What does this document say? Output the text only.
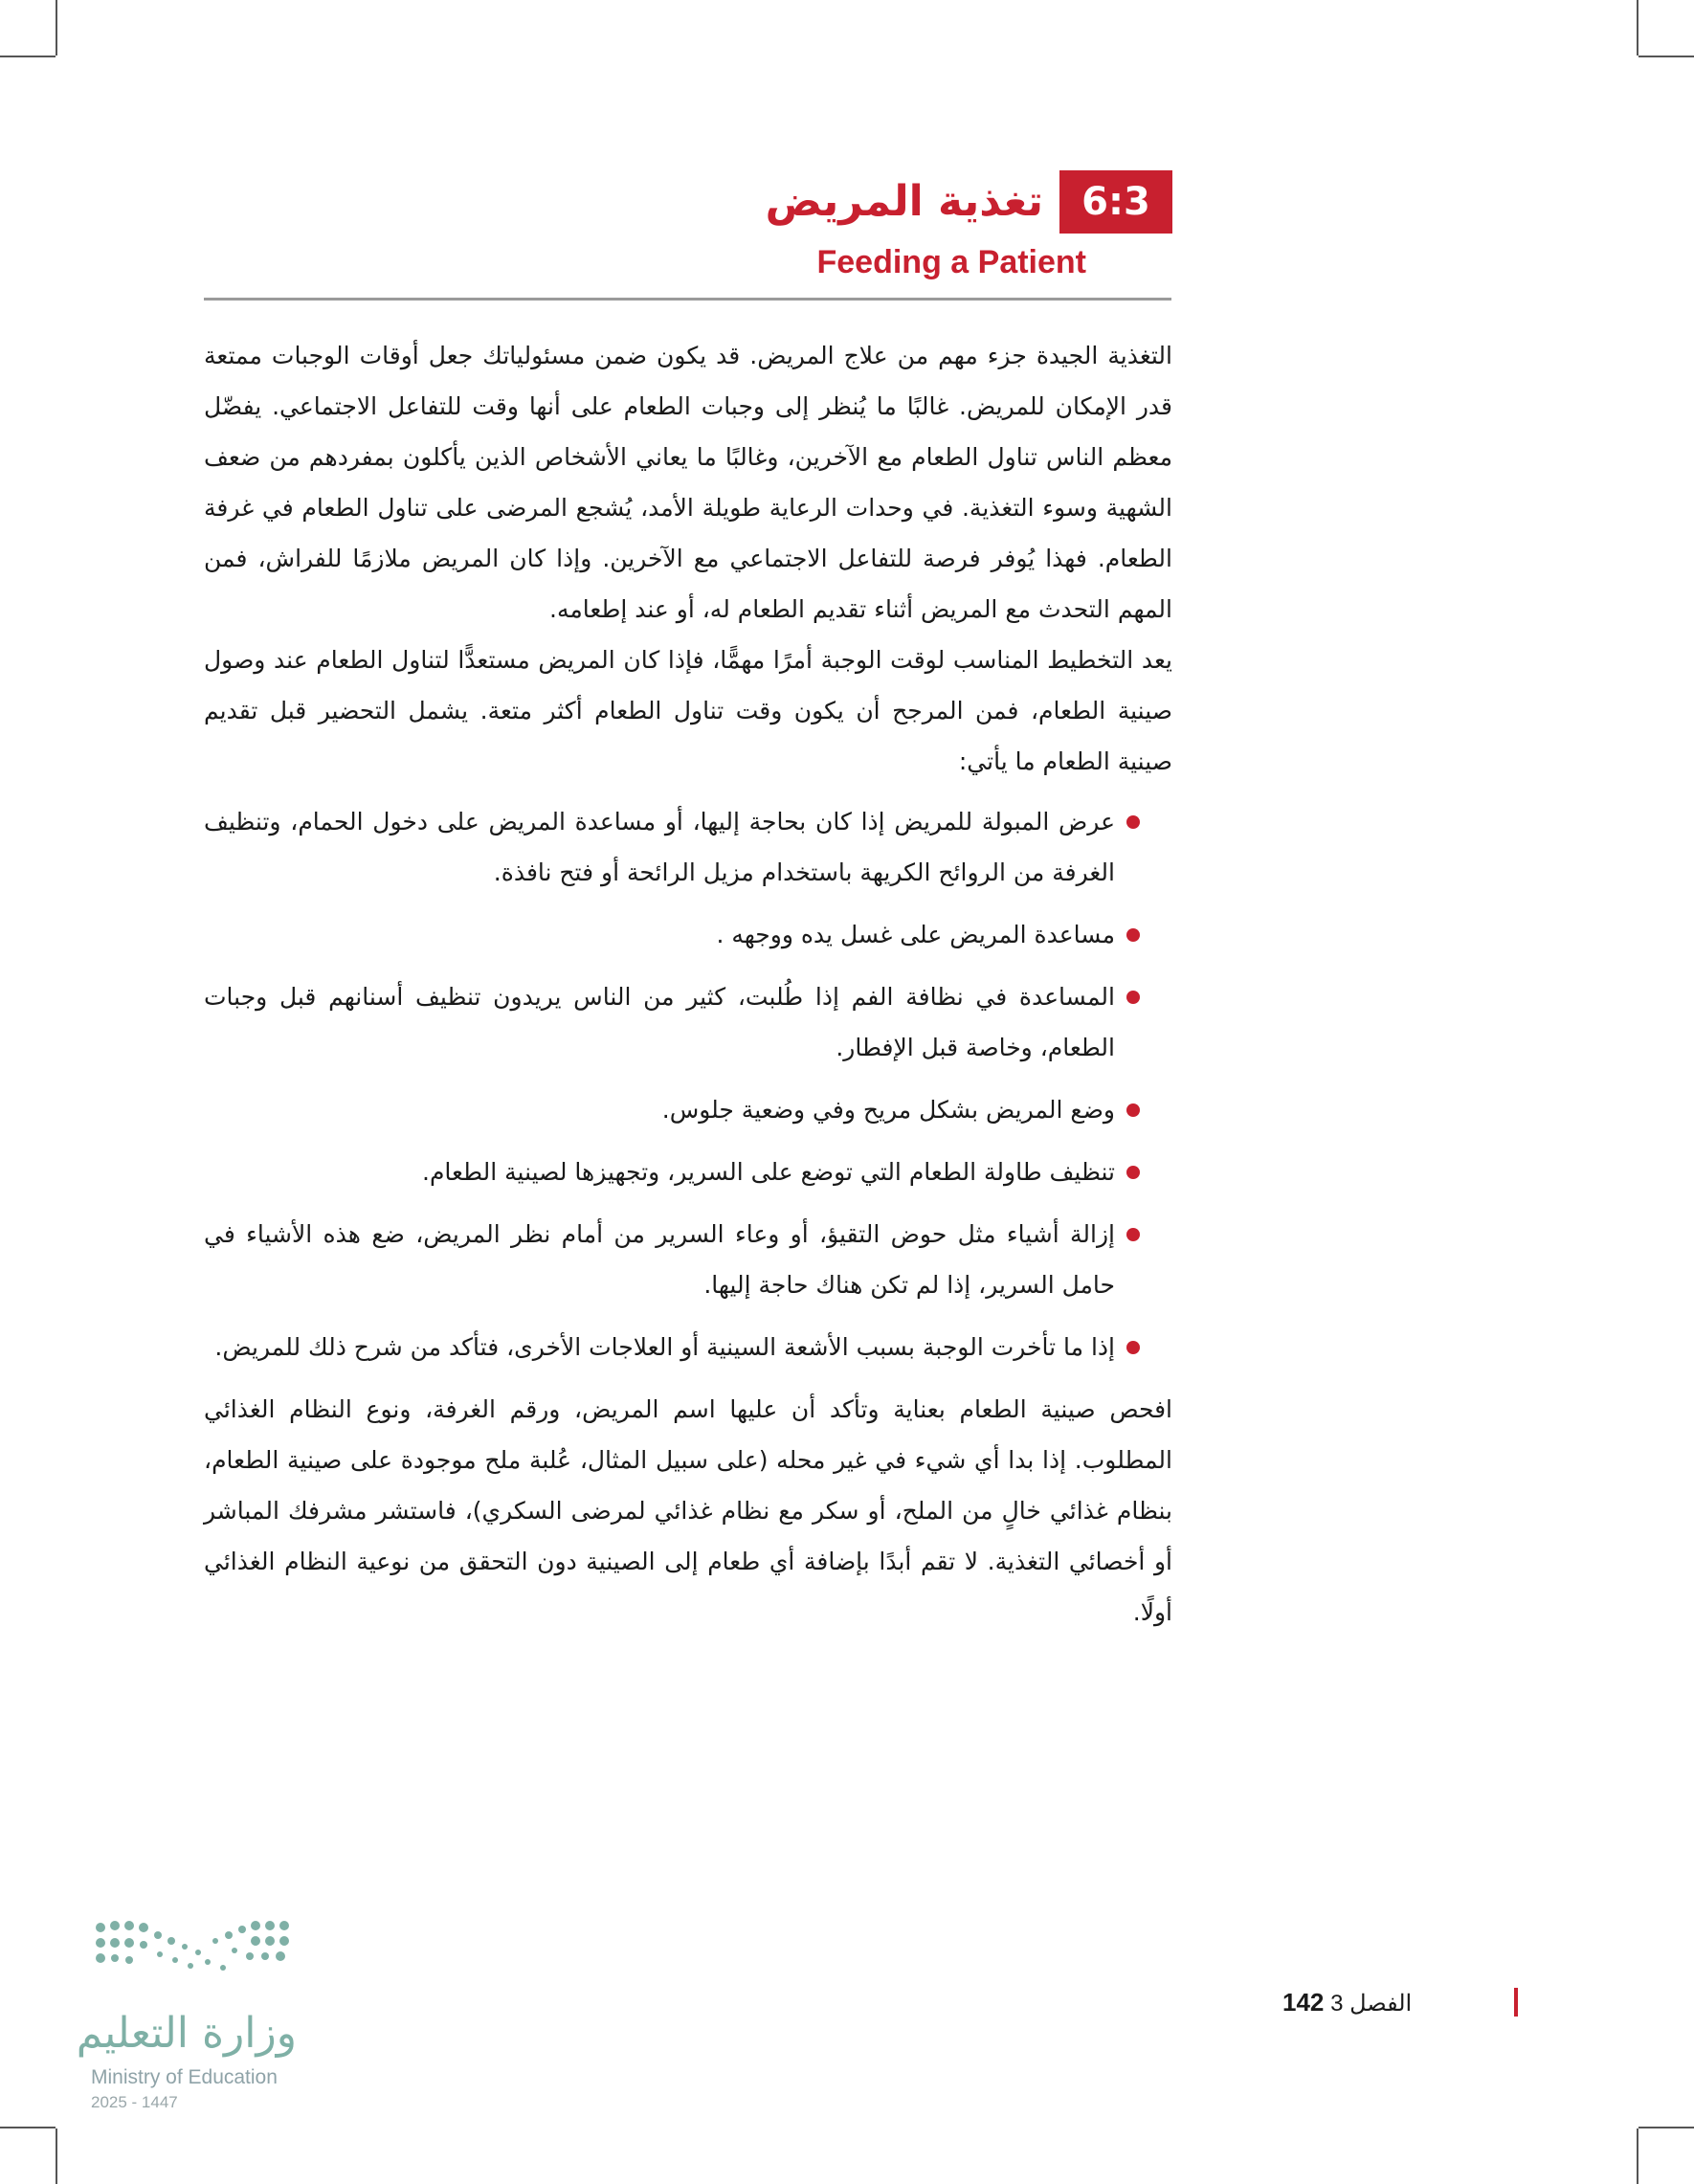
6:3
تغذية المريض
Feeding a Patient

التغذية الجيدة جزء مهم من علاج المريض. قد يكون ضمن مسئولياتك جعل أوقات الوجبات ممتعة قدر الإمكان للمريض. غالبًا ما يُنظر إلى وجبات الطعام على أنها وقت للتفاعل الاجتماعي. يفضّل معظم الناس تناول الطعام مع الآخرين، وغالبًا ما يعاني الأشخاص الذين يأكلون بمفردهم من ضعف الشهية وسوء التغذية. في وحدات الرعاية طويلة الأمد، يُشجع المرضى على تناول الطعام في غرفة الطعام. فهذا يُوفر فرصة للتفاعل الاجتماعي مع الآخرين. وإذا كان المريض ملازمًا للفراش، فمن المهم التحدث مع المريض أثناء تقديم الطعام له، أو عند إطعامه.

يعد التخطيط المناسب لوقت الوجبة أمرًا مهمًّا، فإذا كان المريض مستعدًّا لتناول الطعام عند وصول صينية الطعام، فمن المرجح أن يكون وقت تناول الطعام أكثر متعة. يشمل التحضير قبل تقديم صينية الطعام ما يأتي:

عرض المبولة للمريض إذا كان بحاجة إليها، أو مساعدة المريض على دخول الحمام، وتنظيف الغرفة من الروائح الكريهة باستخدام مزيل الرائحة أو فتح نافذة.
مساعدة المريض على غسل يده ووجهه .
المساعدة في نظافة الفم إذا طُلبت، كثير من الناس يريدون تنظيف أسنانهم قبل وجبات الطعام، وخاصة قبل الإفطار.
وضع المريض بشكل مريح وفي وضعية جلوس.
تنظيف طاولة الطعام التي توضع على السرير، وتجهيزها لصينية الطعام.
إزالة أشياء مثل حوض التقيؤ، أو وعاء السرير من أمام نظر المريض، ضع هذه الأشياء في حامل السرير، إذا لم تكن هناك حاجة إليها.
إذا ما تأخرت الوجبة بسبب الأشعة السينية أو العلاجات الأخرى، فتأكد من شرح ذلك للمريض.

افحص صينية الطعام بعناية وتأكد أن عليها اسم المريض، ورقم الغرفة، ونوع النظام الغذائي المطلوب. إذا بدا أي شيء في غير محله (على سبيل المثال، عُلبة ملح موجودة على صينية الطعام، بنظام غذائي خالٍ من الملح، أو سكر مع نظام غذائي لمرضى السكري)، فاستشر مشرفك المباشر أو أخصائي التغذية. لا تقم أبدًا بإضافة أي طعام إلى الصينية دون التحقق من نوعية النظام الغذائي أولًا.

وزارة التعليم
Ministry of Education
2025 - 1447
الفصل 3 142
